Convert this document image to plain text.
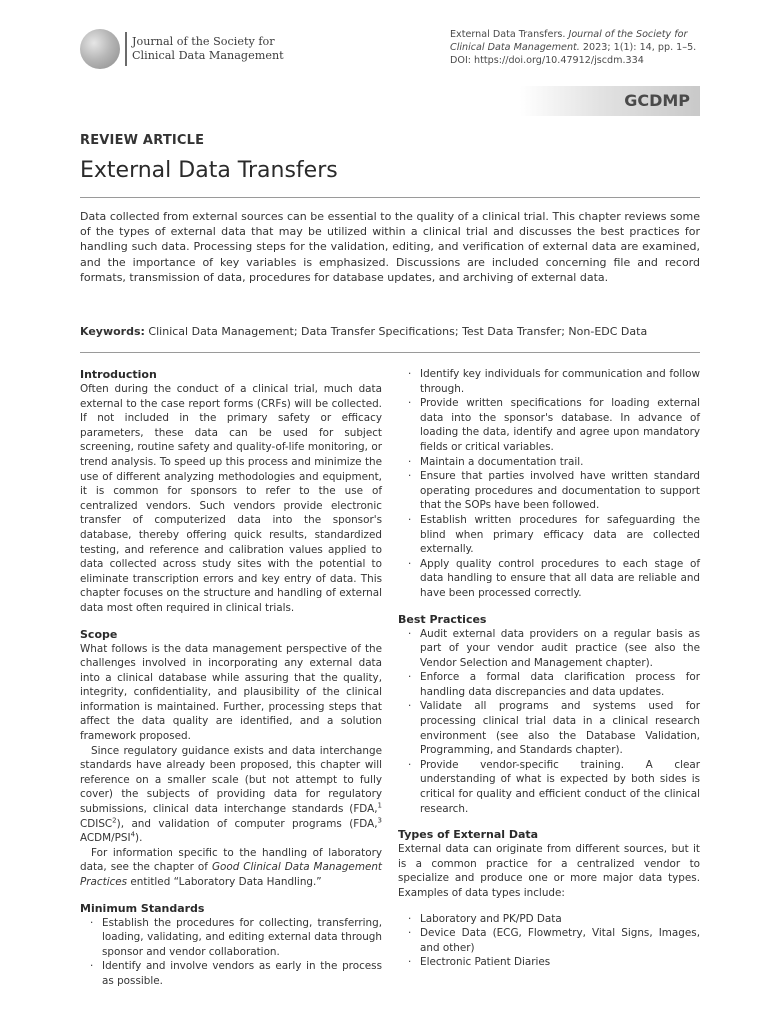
Journal of the Society for
Clinical Data Management
External Data Transfers. Journal of the Society for Clinical Data Management. 2023; 1(1): 14, pp. 1–5.
DOI: https://doi.org/10.47912/jscdm.334
GCDMP
REVIEW ARTICLE
External Data Transfers
Data collected from external sources can be essential to the quality of a clinical trial. This chapter reviews some of the types of external data that may be utilized within a clinical trial and discusses the best practices for handling such data. Processing steps for the validation, editing, and verification of external data are examined, and the importance of key variables is emphasized. Discussions are included concerning file and record formats, transmission of data, procedures for database updates, and archiving of external data.
Keywords: Clinical Data Management; Data Transfer Specifications; Test Data Transfer; Non-EDC Data
Introduction

Often during the conduct of a clinical trial, much data external to the case report forms (CRFs) will be collected. If not included in the primary safety or efficacy parameters, these data can be used for subject screening, routine safety and quality-of-life monitoring, or trend analysis. To speed up this process and minimize the use of different analyzing methodologies and equipment, it is common for sponsors to refer to the use of centralized vendors. Such vendors provide electronic transfer of computerized data into the sponsor's database, thereby offering quick results, standardized testing, and reference and calibration values applied to data collected across study sites with the potential to eliminate transcription errors and key entry of data. This chapter focuses on the structure and handling of external data most often required in clinical trials.

Scope

What follows is the data management perspective of the challenges involved in incorporating any external data into a clinical database while assuring that the quality, integrity, confidentiality, and plausibility of the clinical information is maintained. Further, processing steps that affect the data quality are identified, and a solution framework proposed.

Since regulatory guidance exists and data interchange standards have already been proposed, this chapter will reference on a smaller scale (but not attempt to fully cover) the subjects of providing data for regulatory submissions, clinical data interchange standards (FDA,$^1$ CDISC$^2$), and validation of computer programs (FDA,$^3$ ACDM/PSI$^4$).

For information specific to the handling of laboratory data, see the chapter of Good Clinical Data Management Practices entitled “Laboratory Data Handling.”

Minimum Standards
· Establish the procedures for collecting, transferring, loading, validating, and editing external data through sponsor and vendor collaboration.
· Identify and involve vendors as early in the process as possible.
· Identify key individuals for communication and follow through.
· Provide written specifications for loading external data into the sponsor's database. In advance of loading the data, identify and agree upon mandatory fields or critical variables.
· Maintain a documentation trail.
· Ensure that parties involved have written standard operating procedures and documentation to support that the SOPs have been followed.
· Establish written procedures for safeguarding the blind when primary efficacy data are collected externally.
· Apply quality control procedures to each stage of data handling to ensure that all data are reliable and have been processed correctly.
Best Practices
· Audit external data providers on a regular basis as part of your vendor audit practice (see also the Vendor Selection and Management chapter).
· Enforce a formal data clarification process for handling data discrepancies and data updates.
· Validate all programs and systems used for processing clinical trial data in a clinical research environment (see also the Database Validation, Programming, and Standards chapter).
· Provide vendor-specific training. A clear understanding of what is expected by both sides is critical for quality and efficient conduct of the clinical research.
Types of External Data

External data can originate from different sources, but it is a common practice for a centralized vendor to specialize and produce one or more major data types. Examples of data types include:

· Laboratory and PK/PD Data
· Device Data (ECG, Flowmetry, Vital Signs, Images, and other)
· Electronic Patient Diaries
